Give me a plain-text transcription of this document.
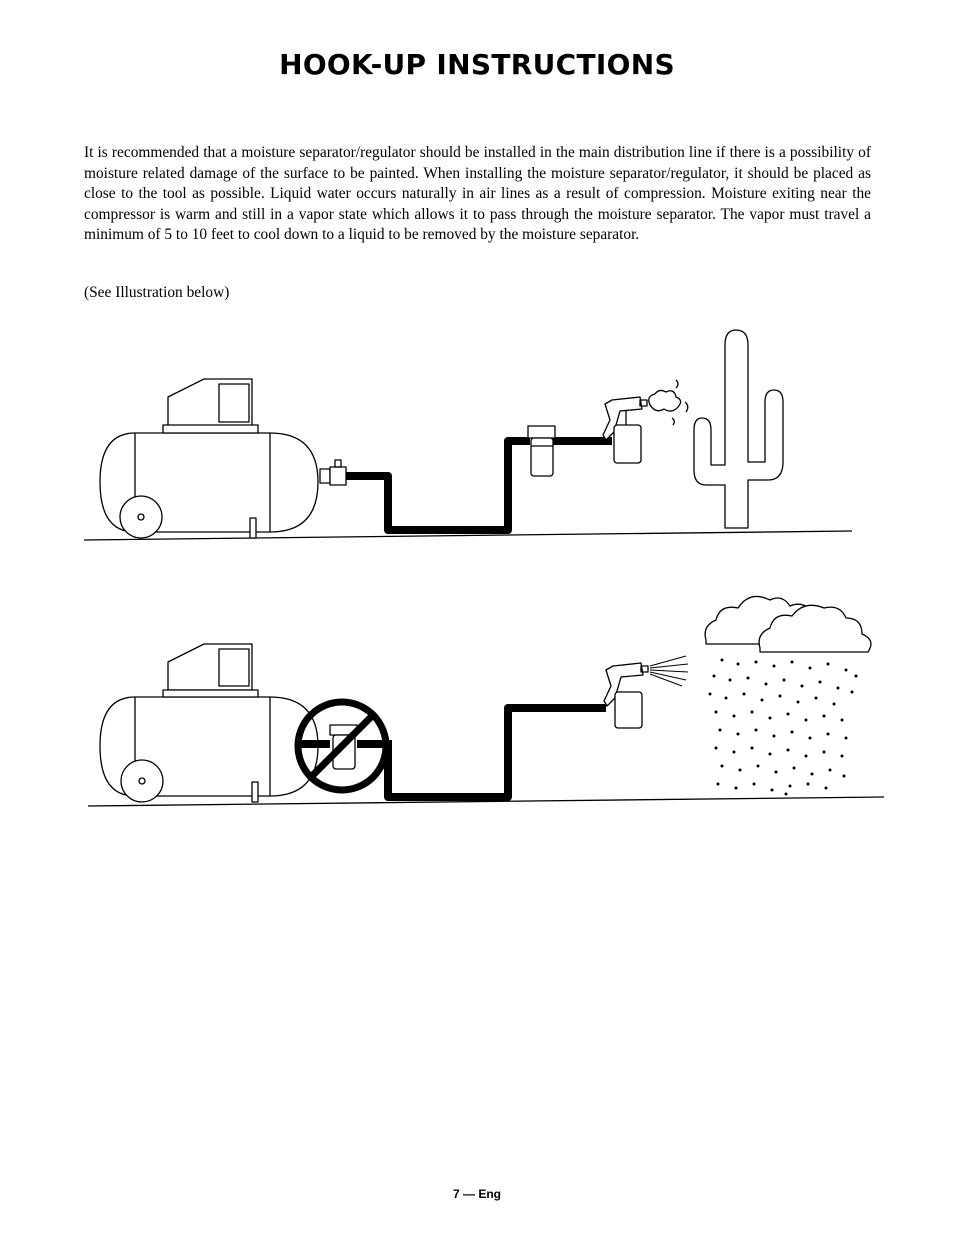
HOOK-UP INSTRUCTIONS

It is recommended that a moisture separator/regulator should be installed in the main distribution line if there is a possibility of moisture related damage of the surface to be painted. When installing the moisture separator/regulator, it should be placed as close to the tool as possible. Liquid water occurs naturally in air lines as a result of compression. Moisture exiting near the compressor is warm and still in a vapor state which allows it to pass through the moisture separator. The vapor must travel a minimum of 5 to 10 feet to cool down to a liquid to be removed by the moisture separator.

(See Illustration below)

7 — Eng
